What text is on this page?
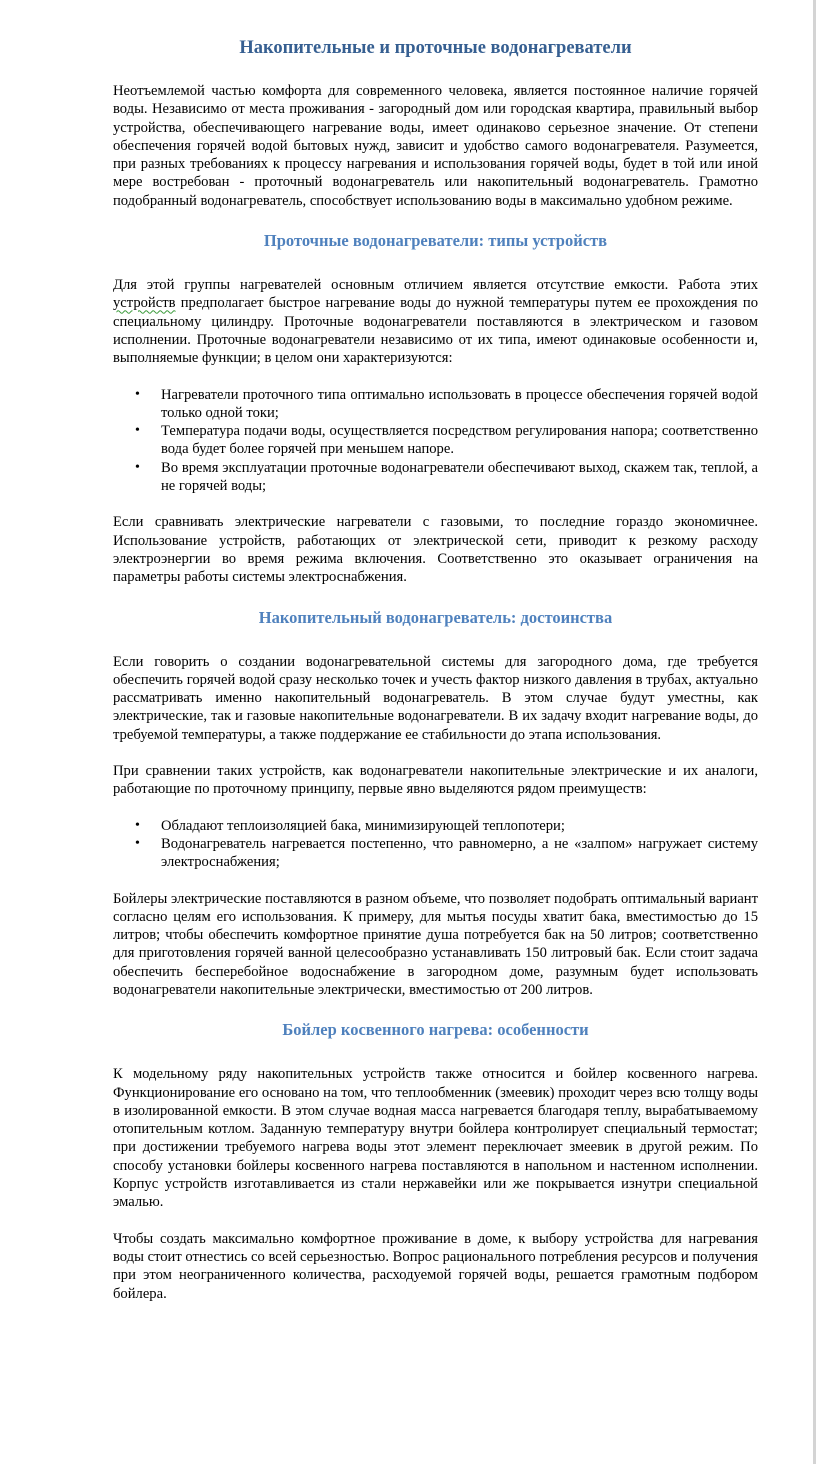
Накопительные и проточные водонагреватели

Неотъемлемой частью комфорта для современного человека, является постоянное наличие горячей воды. Независимо от места проживания - загородный дом или городская квартира, правильный выбор устройства, обеспечивающего нагревание воды, имеет одинаково серьезное значение. От степени обеспечения горячей водой бытовых нужд, зависит и удобство самого водонагревателя. Разумеется, при разных требованиях к процессу нагревания и использования горячей воды, будет в той или иной мере востребован - проточный водонагреватель или накопительный водонагреватель. Грамотно подобранный водонагреватель, способствует использованию воды в максимально удобном режиме.

Проточные водонагреватели: типы устройств

Для этой группы нагревателей основным отличием является отсутствие емкости. Работа этих устройств предполагает быстрое нагревание воды до нужной температуры путем ее прохождения по специальному цилиндру. Проточные водонагреватели поставляются в электрическом и газовом исполнении. Проточные водонагреватели независимо от их типа, имеют одинаковые особенности и, выполняемые функции; в целом они характеризуются:

• Нагреватели проточного типа оптимально использовать в процессе обеспечения горячей водой только одной токи;
• Температура подачи воды, осуществляется посредством регулирования напора; соответственно вода будет более горячей при меньшем напоре.
• Во время эксплуатации проточные водонагреватели обеспечивают выход, скажем так, теплой, а не горячей воды;

Если сравнивать электрические нагреватели с газовыми, то последние гораздо экономичнее. Использование устройств, работающих от электрической сети, приводит к резкому расходу электроэнергии во время режима включения. Соответственно это оказывает ограничения на параметры работы системы электроснабжения.

Накопительный водонагреватель: достоинства

Если говорить о создании водонагревательной системы для загородного дома, где требуется обеспечить горячей водой сразу несколько точек и учесть фактор низкого давления в трубах, актуально рассматривать именно накопительный водонагреватель. В этом случае будут уместны, как электрические, так и газовые накопительные водонагреватели. В их задачу входит нагревание воды, до требуемой температуры, а также поддержание ее стабильности до этапа использования.

При сравнении таких устройств, как водонагреватели накопительные электрические и их аналоги, работающие по проточному принципу, первые явно выделяются рядом преимуществ:

• Обладают теплоизоляцией бака, минимизирующей теплопотери;
• Водонагреватель нагревается постепенно, что равномерно, а не «залпом» нагружает систему электроснабжения;

Бойлеры электрические поставляются в разном объеме, что позволяет подобрать оптимальный вариант согласно целям его использования. К примеру, для мытья посуды хватит бака, вместимостью до 15 литров; чтобы обеспечить комфортное принятие душа потребуется бак на 50 литров; соответственно для приготовления горячей ванной целесообразно устанавливать 150 литровый бак. Если стоит задача обеспечить бесперебойное водоснабжение в загородном доме, разумным будет использовать водонагреватели накопительные электрически, вместимостью от 200 литров.

Бойлер косвенного нагрева: особенности

К модельному ряду накопительных устройств также относится и бойлер косвенного нагрева. Функционирование его основано на том, что теплообменник (змеевик) проходит через всю толщу воды в изолированной емкости. В этом случае водная масса нагревается благодаря теплу, вырабатываемому отопительным котлом. Заданную температуру внутри бойлера контролирует специальный термостат; при достижении требуемого нагрева воды этот элемент переключает змеевик в другой режим. По способу установки бойлеры косвенного нагрева поставляются в напольном и настенном исполнении. Корпус устройств изготавливается из стали нержавейки или же покрывается изнутри специальной эмалью.

Чтобы создать максимально комфортное проживание в доме, к выбору устройства для нагревания воды стоит отнестись со всей серьезностью. Вопрос рационального потребления ресурсов и получения при этом неограниченного количества, расходуемой горячей воды, решается грамотным подбором бойлера.
